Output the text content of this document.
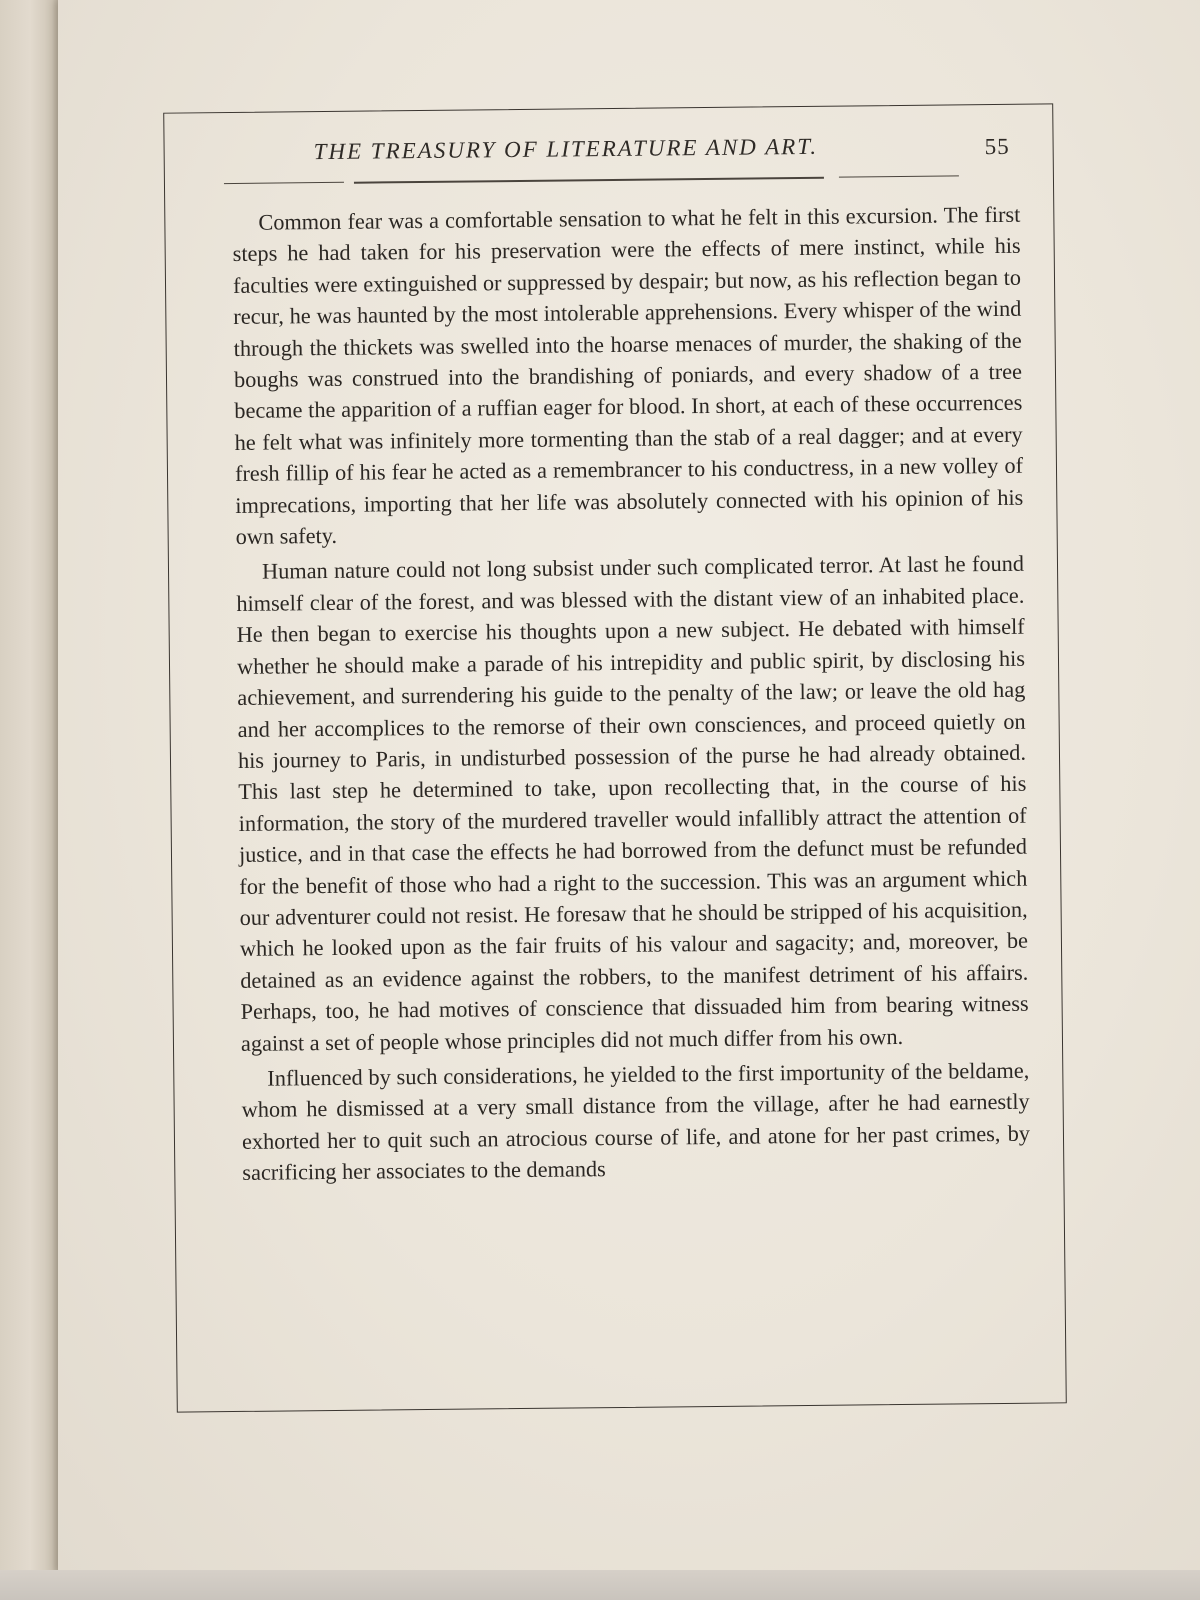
THE TREASURY OF LITERATURE AND ART.	55

Common fear was a comfortable sensation to what he felt in this excursion. The first steps he had taken for his preservation were the effects of mere instinct, while his faculties were extinguished or suppressed by despair; but now, as his reflection began to recur, he was haunted by the most intolerable apprehensions. Every whisper of the wind through the thickets was swelled into the hoarse menaces of murder, the shaking of the boughs was construed into the brandishing of poniards, and every shadow of a tree became the apparition of a ruffian eager for blood. In short, at each of these occurrences he felt what was infinitely more tormenting than the stab of a real dagger; and at every fresh fillip of his fear he acted as a remembrancer to his conductress, in a new volley of imprecations, importing that her life was absolutely connected with his opinion of his own safety.

Human nature could not long subsist under such complicated terror. At last he found himself clear of the forest, and was blessed with the distant view of an inhabited place. He then began to exercise his thoughts upon a new subject. He debated with himself whether he should make a parade of his intrepidity and public spirit, by disclosing his achievement, and surrendering his guide to the penalty of the law; or leave the old hag and her accomplices to the remorse of their own consciences, and proceed quietly on his journey to Paris, in undisturbed possession of the purse he had already obtained. This last step he determined to take, upon recollecting that, in the course of his information, the story of the murdered traveller would infallibly attract the attention of justice, and in that case the effects he had borrowed from the defunct must be refunded for the benefit of those who had a right to the succession. This was an argument which our adventurer could not resist. He foresaw that he should be stripped of his acquisition, which he looked upon as the fair fruits of his valour and sagacity; and, moreover, be detained as an evidence against the robbers, to the manifest detriment of his affairs. Perhaps, too, he had motives of conscience that dissuaded him from bearing witness against a set of people whose principles did not much differ from his own.

Influenced by such considerations, he yielded to the first importunity of the beldame, whom he dismissed at a very small distance from the village, after he had earnestly exhorted her to quit such an atrocious course of life, and atone for her past crimes, by sacrificing her associates to the demands
